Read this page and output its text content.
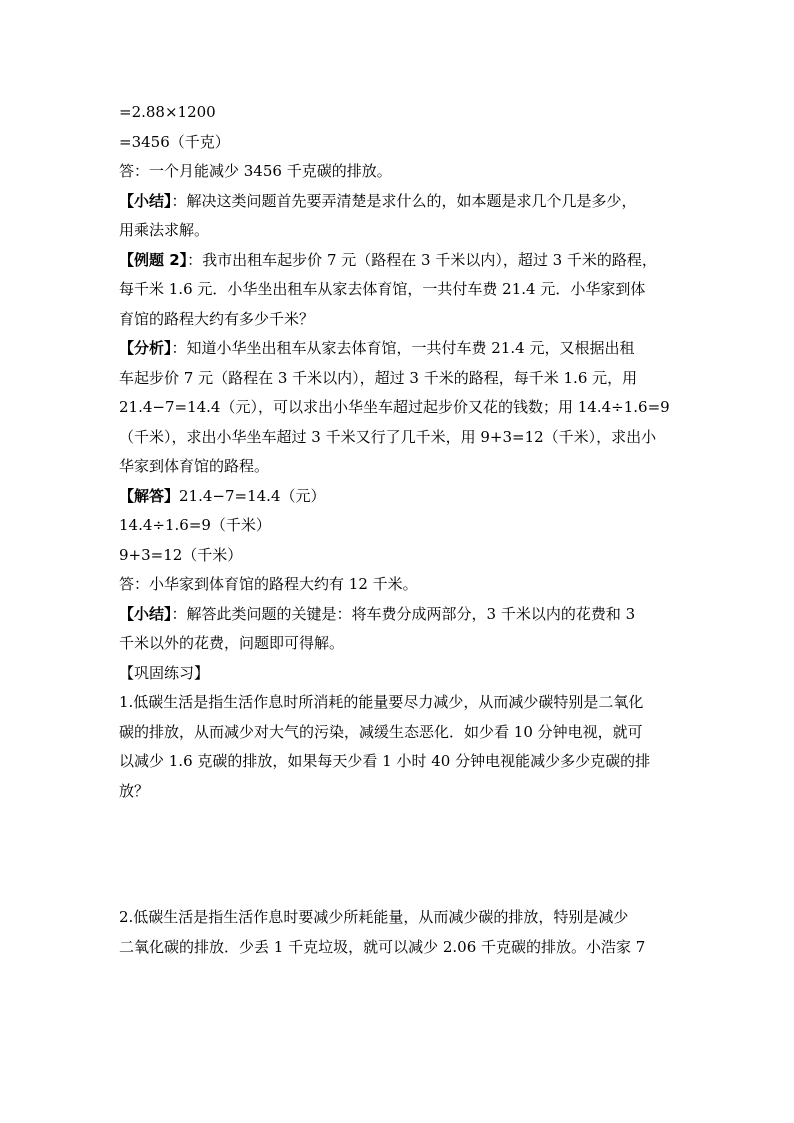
=2.88×1200
=3456（千克）
答：一个月能减少 3456 千克碳的排放。
【小结】：解决这类问题首先要弄清楚是求什么的，如本题是求几个几是多少，
用乘法求解。
【例题 2】：我市出租车起步价 7 元（路程在 3 千米以内），超过 3 千米的路程，
每千米 1.6 元．小华坐出租车从家去体育馆，一共付车费 21.4 元．小华家到体
育馆的路程大约有多少千米？
【分析】：知道小华坐出租车从家去体育馆，一共付车费 21.4 元，又根据出租
车起步价 7 元（路程在 3 千米以内），超过 3 千米的路程，每千米 1.6 元，用
21.4−7=14.4（元），可以求出小华坐车超过起步价又花的钱数；用 14.4÷1.6=9
（千米），求出小华坐车超过 3 千米又行了几千米，用 9+3=12（千米），求出小
华家到体育馆的路程。
【解答】21.4−7=14.4（元）
14.4÷1.6=9（千米）
9+3=12（千米）
答：小华家到体育馆的路程大约有 12 千米。
【小结】：解答此类问题的关键是：将车费分成两部分，3 千米以内的花费和 3
千米以外的花费，问题即可得解。
【巩固练习】
1.低碳生活是指生活作息时所消耗的能量要尽力减少，从而减少碳特别是二氧化
碳的排放，从而减少对大气的污染，减缓生态恶化．如少看 10 分钟电视，就可
以减少 1.6 克碳的排放，如果每天少看 1 小时 40 分钟电视能减少多少克碳的排
放？
2.低碳生活是指生活作息时要减少所耗能量，从而减少碳的排放，特别是减少
二氧化碳的排放．少丢 1 千克垃圾，就可以减少 2.06 千克碳的排放。小浩家 7
